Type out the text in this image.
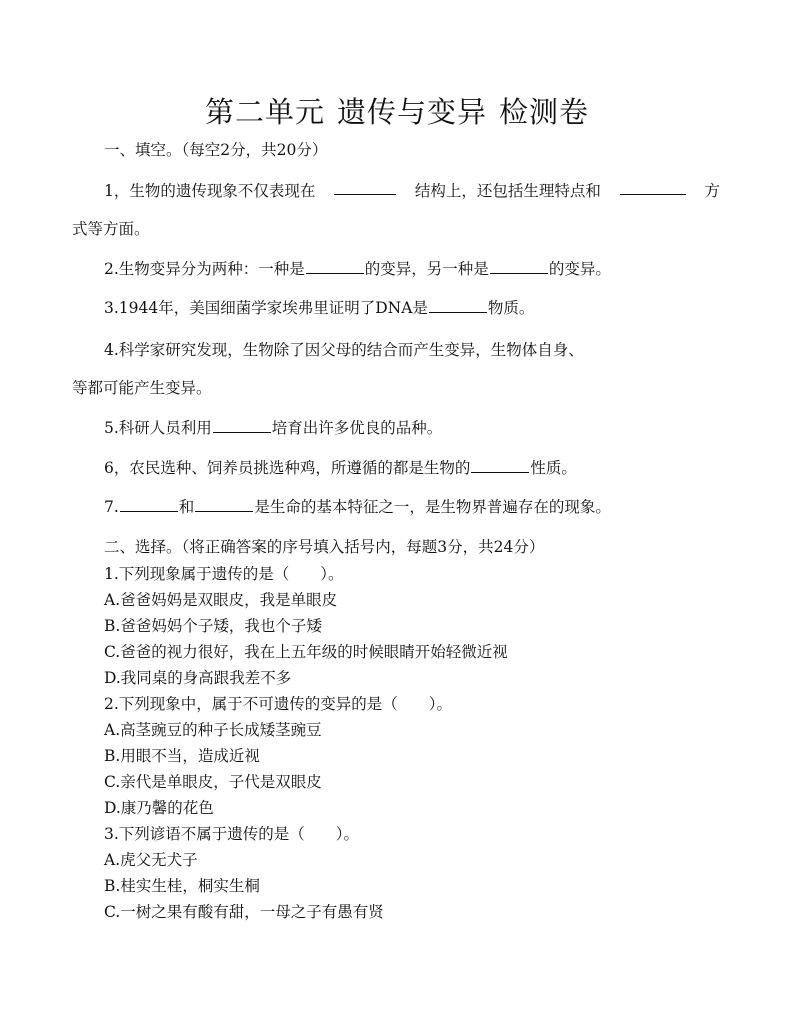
第二单元 遗传与变异 检测卷
一、填空。（每空2分，共20分）
1，生物的遗传现象不仅表现在	结构上，还包括生理特点和	方
式等方面。
2.生物变异分为两种：一种是	的变异，另一种是	的变异。
3.1944年，美国细菌学家埃弗里证明了DNA是	物质。
4.科学家研究发现，生物除了因父母的结合而产生变异，生物体自身、
等都可能产生变异。
5.科研人员利用	培育出许多优良的品种。
6，农民选种、饲养员挑选种鸡，所遵循的都是生物的	性质。
7.	和	是生命的基本特征之一，是生物界普遍存在的现象。
二、选择。（将正确答案的序号填入括号内，每题3分，共24分）
1.下列现象属于遗传的是（　　）。
A.爸爸妈妈是双眼皮，我是单眼皮
B.爸爸妈妈个子矮，我也个子矮
C.爸爸的视力很好，我在上五年级的时候眼睛开始轻微近视
D.我同桌的身高跟我差不多
2.下列现象中，属于不可遗传的变异的是（　　）。
A.高茎豌豆的种子长成矮茎豌豆
B.用眼不当，造成近视
C.亲代是单眼皮，子代是双眼皮
D.康乃馨的花色
3.下列谚语不属于遗传的是（　　）。
A.虎父无犬子
B.桂实生桂，桐实生桐
C.一树之果有酸有甜，一母之子有愚有贤
